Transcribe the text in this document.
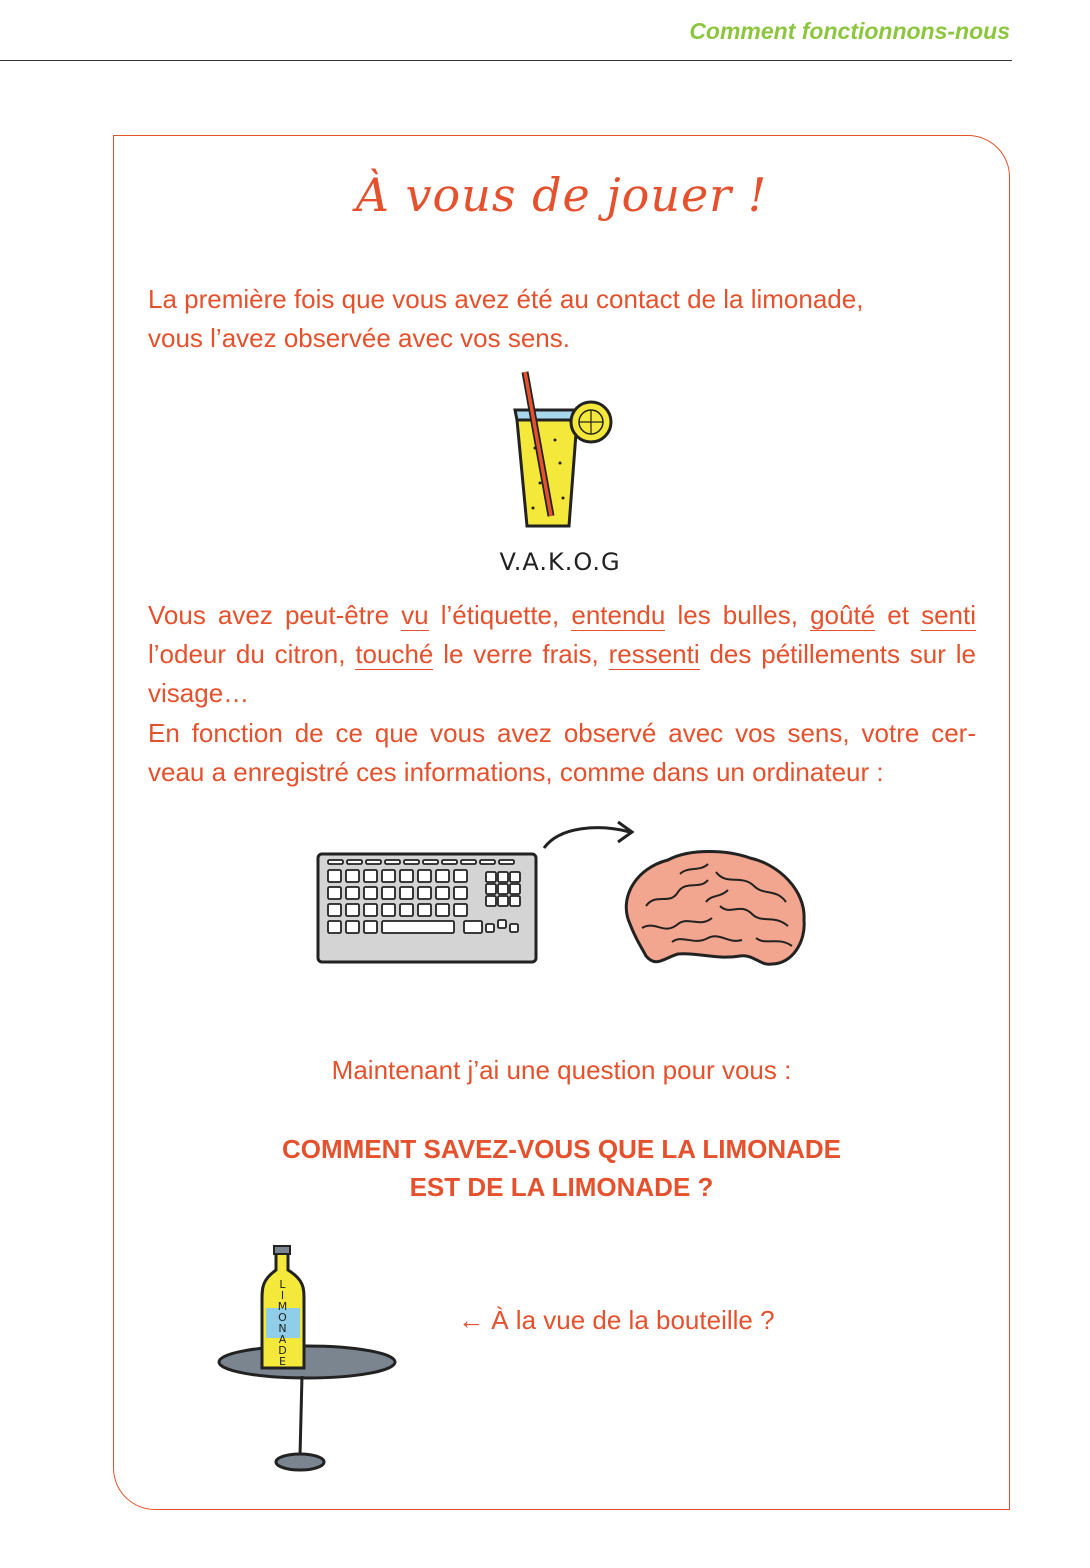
Comment fonctionnons-nous
À vous de jouer !
La première fois que vous avez été au contact de la limonade,
vous l’avez observée avec vos sens.
V.A.K.O.G
Vous avez peut-être vu l’étiquette, entendu les bulles, goûté et senti l’odeur du citron, touché le verre frais, ressenti des pétillements sur le visage…
En fonction de ce que vous avez observé avec vos sens, votre cer-veau a enregistré ces informations, comme dans un ordinateur :
Maintenant j’ai une question pour vous :
COMMENT SAVEZ-VOUS QUE LA LIMONADE
EST DE LA LIMONADE ?
L I M O N A D E
← À la vue de la bouteille ?
